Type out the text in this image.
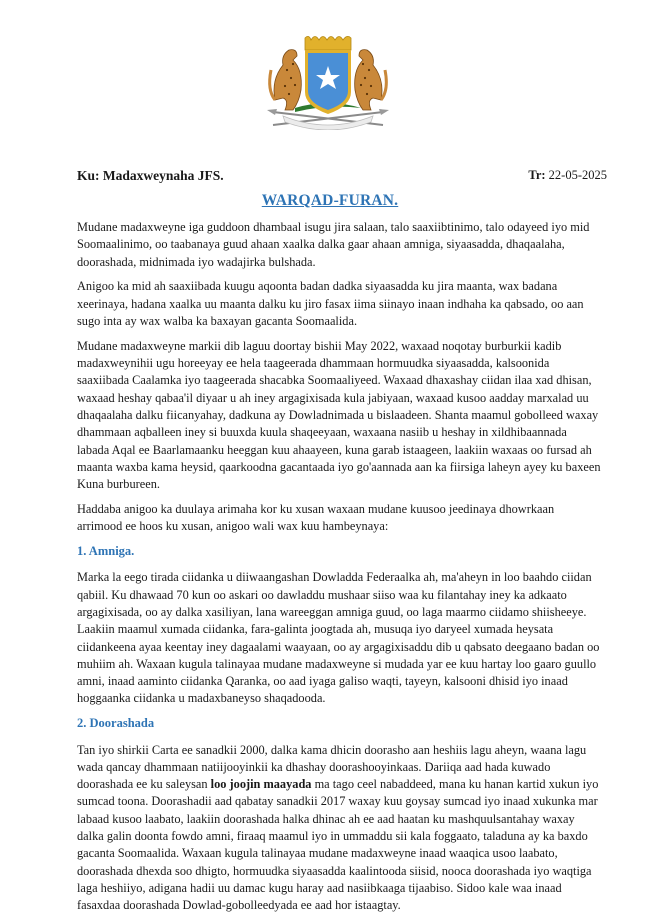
Ku: Madaxweynaha JFS.	Tr: 22-05-2025
WARQAD-FURAN.

Mudane madaxweyne iga guddoon dhambaal isugu jira salaan, talo saaxiibtinimo, talo odayeed iyo mid Soomaalinimo, oo taabanaya guud ahaan xaalka dalka gaar ahaan amniga, siyaasadda, dhaqaalaha, doorashada, midnimada iyo wadajirka bulshada.

Anigoo ka mid ah saaxiibada kuugu aqoonta badan dadka siyaasadda ku jira maanta, wax badana xeerinaya, hadana xaalka uu maanta dalku ku jiro fasax iima siinayo inaan indhaha ka qabsado, oo aan sugo inta ay wax walba ka baxayan gacanta Soomaalida.

Mudane madaxweyne markii dib laguu doortay bishii May 2022, waxaad noqotay burburkii kadib madaxweynihii ugu horeeyay ee hela taageerada dhammaan hormuudka siyaasadda, kalsoonida saaxiibada Caalamka iyo taageerada shacabka Soomaaliyeed. Waxaad dhaxashay ciidan ilaa xad dhisan, waxaad heshay qabaa'il diyaar u ah iney argagixisada kula jabiyaan, waxaad kusoo aadday marxalad uu dhaqaalaha dalku fiicanyahay, dadkuna ay Dowladnimada u bislaadeen. Shanta maamul gobolleed waxay dhammaan aqballeen iney si buuxda kuula shaqeeyaan, waxaana nasiib u heshay in xildhibaannada labada Aqal ee Baarlamaanku heeggan kuu ahaayeen, kuna garab istaageen, laakiin waxaas oo fursad ah maanta waxba kama heysid, qaarkoodna gacantaada iyo go'aannada aan ka fiirsiga laheyn ayey ku baxeen Kuna burbureen.

Haddaba anigoo ka duulaya arimaha kor ku xusan waxaan mudane kuusoo jeedinaya dhowrkaan arrimood ee hoos ku xusan, anigoo wali wax kuu hambeynaya:

1. Amniga.

Marka la eego tirada ciidanka u diiwaangashan Dowladda Federaalka ah, ma'aheyn in loo baahdo ciidan qabiil. Ku dhawaad 70 kun oo askari oo dawladdu mushaar siiso waa ku filantahay iney ka adkaato argagixisada, oo ay dalka xasiliyan, lana wareeggan amniga guud, oo laga maarmo ciidamo shiisheeye. Laakiin maamul xumada ciidanka, fara-galinta joogtada ah, musuqa iyo daryeel xumada heysata ciidankeena ayaa keentay iney dagaalami waayaan, oo ay argagixisaddu dib u qabsato deegaano badan oo muhiim ah. Waxaan kugula talinayaa mudane madaxweyne si mudada yar ee kuu hartay loo gaaro guullo amni, inaad aaminto ciidanka Qaranka, oo aad iyaga galiso waqti, tayeyn, kalsooni dhisid iyo inaad hoggaanka ciidanka u madaxbaneyso shaqadooda.

2. Doorashada

Tan iyo shirkii Carta ee sanadkii 2000, dalka kama dhicin doorasho aan heshiis lagu aheyn, waana lagu wada qancay dhammaan natiijooyinkii ka dhashay doorashooyinkaas. Dariiqa aad hada kuwado doorashada ee ku saleysan loo joojin maayada ma tago ceel nabaddeed, mana ku hanan kartid xukun iyo sumcad toona. Doorashadii aad qabatay sanadkii 2017 waxay kuu goysay sumcad iyo inaad xukunka mar labaad kusoo laabato, laakiin doorashada halka dhinac ah ee aad haatan ku mashquulsantahay waxay dalka galin doonta fowdo amni, firaaq maamul iyo in ummaddu sii kala foggaato, taladuna ay ka baxdo gacanta Soomaalida. Waxaan kugula talinayaa mudane madaxweyne inaad waaqica usoo laabato, doorashada dhexda soo dhigto, hormuudka siyaasadda kaalintooda siisid, nooca doorashada iyo waqtiga laga heshiiyo, adigana hadii uu damac kugu haray aad nasiibkaaga tijaabiso. Sidoo kale waa inaad fasaxdaa doorashada Dowlad-gobolleedyada ee aad hor istaagtay.
